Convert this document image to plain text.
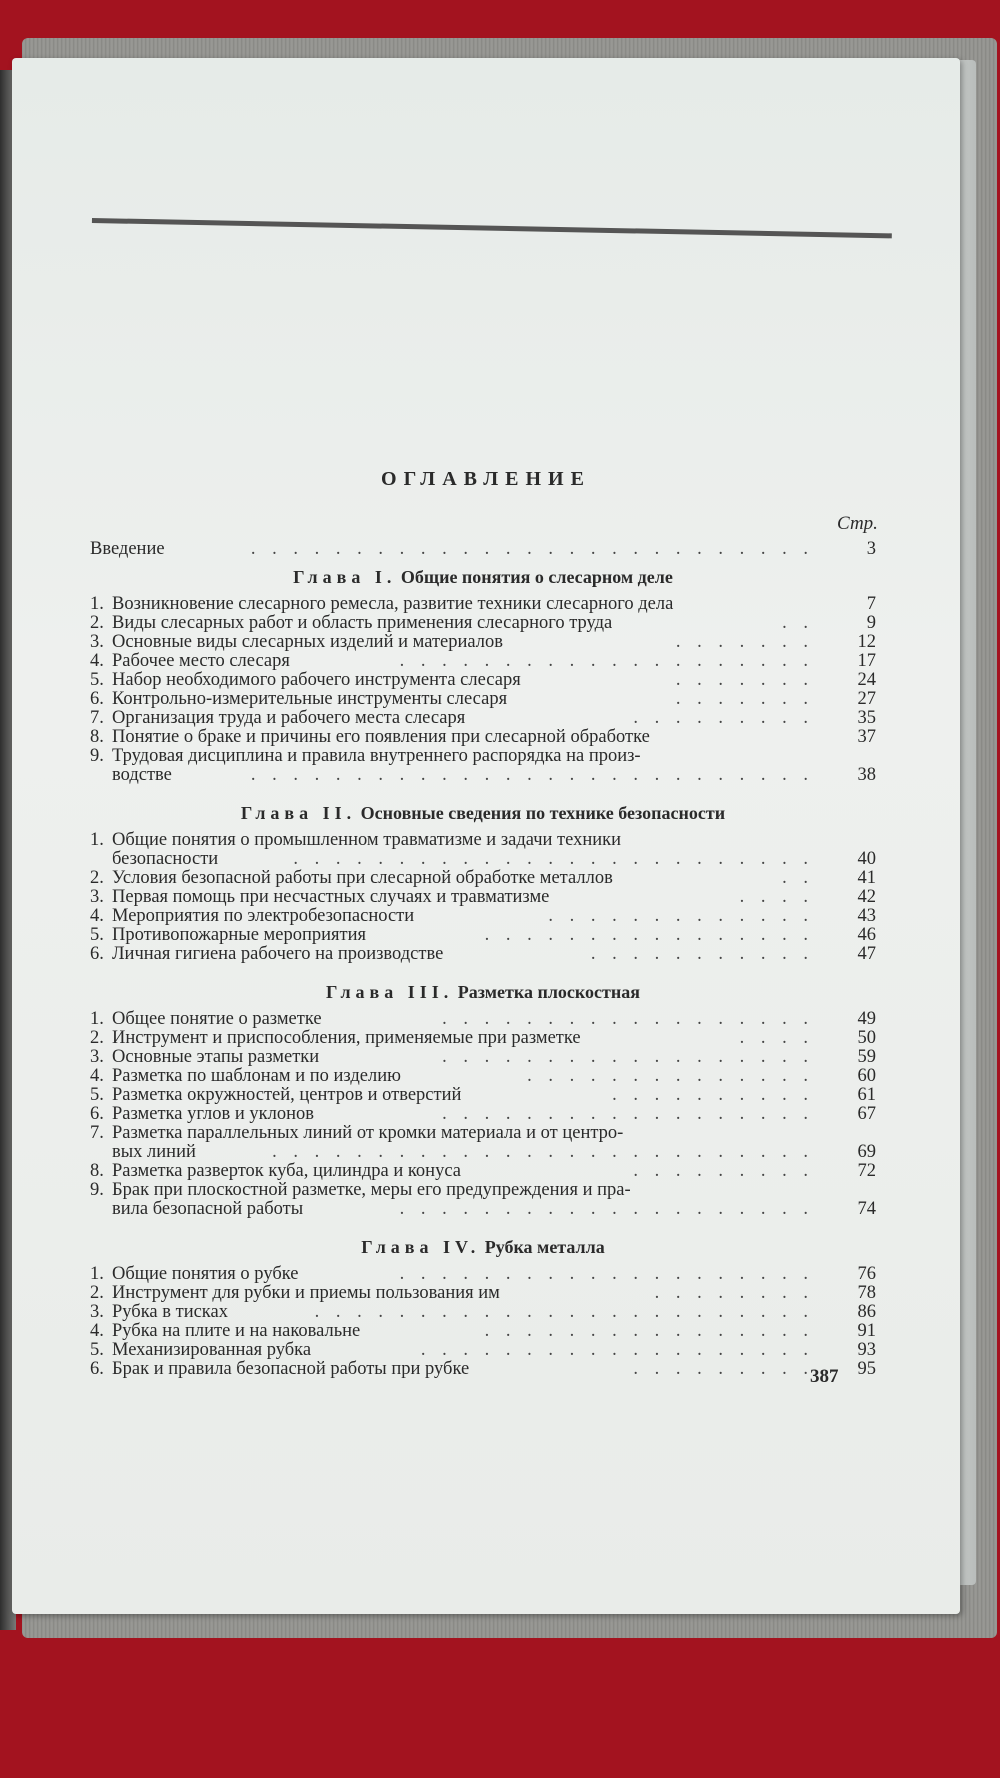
ОГЛАВЛЕНИЕ
Стр.
Введение	. . . . . . . . . . . . . . . . . . . . . . . . . . .	3
Глава I. Общие понятия о слесарном деле
1. Возникновение слесарного ремесла, развитие техники слесарного дела	7
2. Виды слесарных работ и область применения слесарного труда	. .	9
3. Основные виды слесарных изделий и материалов	. . . . . . .	12
4. Рабочее место слесаря	. . . . . . . . . . . . . . . . . . . .	17
5. Набор необходимого рабочего инструмента слесаря	. . . . . . .	24
6. Контрольно-измерительные инструменты слесаря	. . . . . . .	27
7. Организация труда и рабочего места слесаря	. . . . . . . . .	35
8. Понятие о браке и причины его появления при слесарной обработке	37
9. Трудовая дисциплина и правила внутреннего распорядка на произ-
водстве	. . . . . . . . . . . . . . . . . . . . . . . . . . .	38
Глава II. Основные сведения по технике безопасности
1. Общие понятия о промышленном травматизме и задачи техники
безопасности	. . . . . . . . . . . . . . . . . . . . . . . . .	40
2. Условия безопасной работы при слесарной обработке металлов	. .	41
3. Первая помощь при несчастных случаях и травматизме	. . . .	42
4. Мероприятия по электробезопасности	. . . . . . . . . . . . .	43
5. Противопожарные мероприятия	. . . . . . . . . . . . . . . .	46
6. Личная гигиена рабочего на производстве	. . . . . . . . . . .	47
Глава III. Разметка плоскостная
1. Общее понятие о разметке	. . . . . . . . . . . . . . . . . .	49
2. Инструмент и приспособления, применяемые при разметке	. . . .	50
3. Основные этапы разметки	. . . . . . . . . . . . . . . . . .	59
4. Разметка по шаблонам и по изделию	. . . . . . . . . . . . . .	60
5. Разметка окружностей, центров и отверстий	. . . . . . . . . .	61
6. Разметка углов и уклонов	. . . . . . . . . . . . . . . . . .	67
7. Разметка параллельных линий от кромки материала и от центро-
вых линий	. . . . . . . . . . . . . . . . . . . . . . . . . .	69
8. Разметка разверток куба, цилиндра и конуса	. . . . . . . . .	72
9. Брак при плоскостной разметке, меры его предупреждения и пра-
вила безопасной работы	. . . . . . . . . . . . . . . . . . . .	74
Глава IV. Рубка металла
1. Общие понятия о рубке	. . . . . . . . . . . . . . . . . . . .	76
2. Инструмент для рубки и приемы пользования им	. . . . . . . .	78
3. Рубка в тисках	. . . . . . . . . . . . . . . . . . . . . . . .	86
4. Рубка на плите и на наковальне	. . . . . . . . . . . . . . . .	91
5. Механизированная рубка	. . . . . . . . . . . . . . . . . . .	93
6. Брак и правила безопасной работы при рубке	. . . . . . . . .	95
387
